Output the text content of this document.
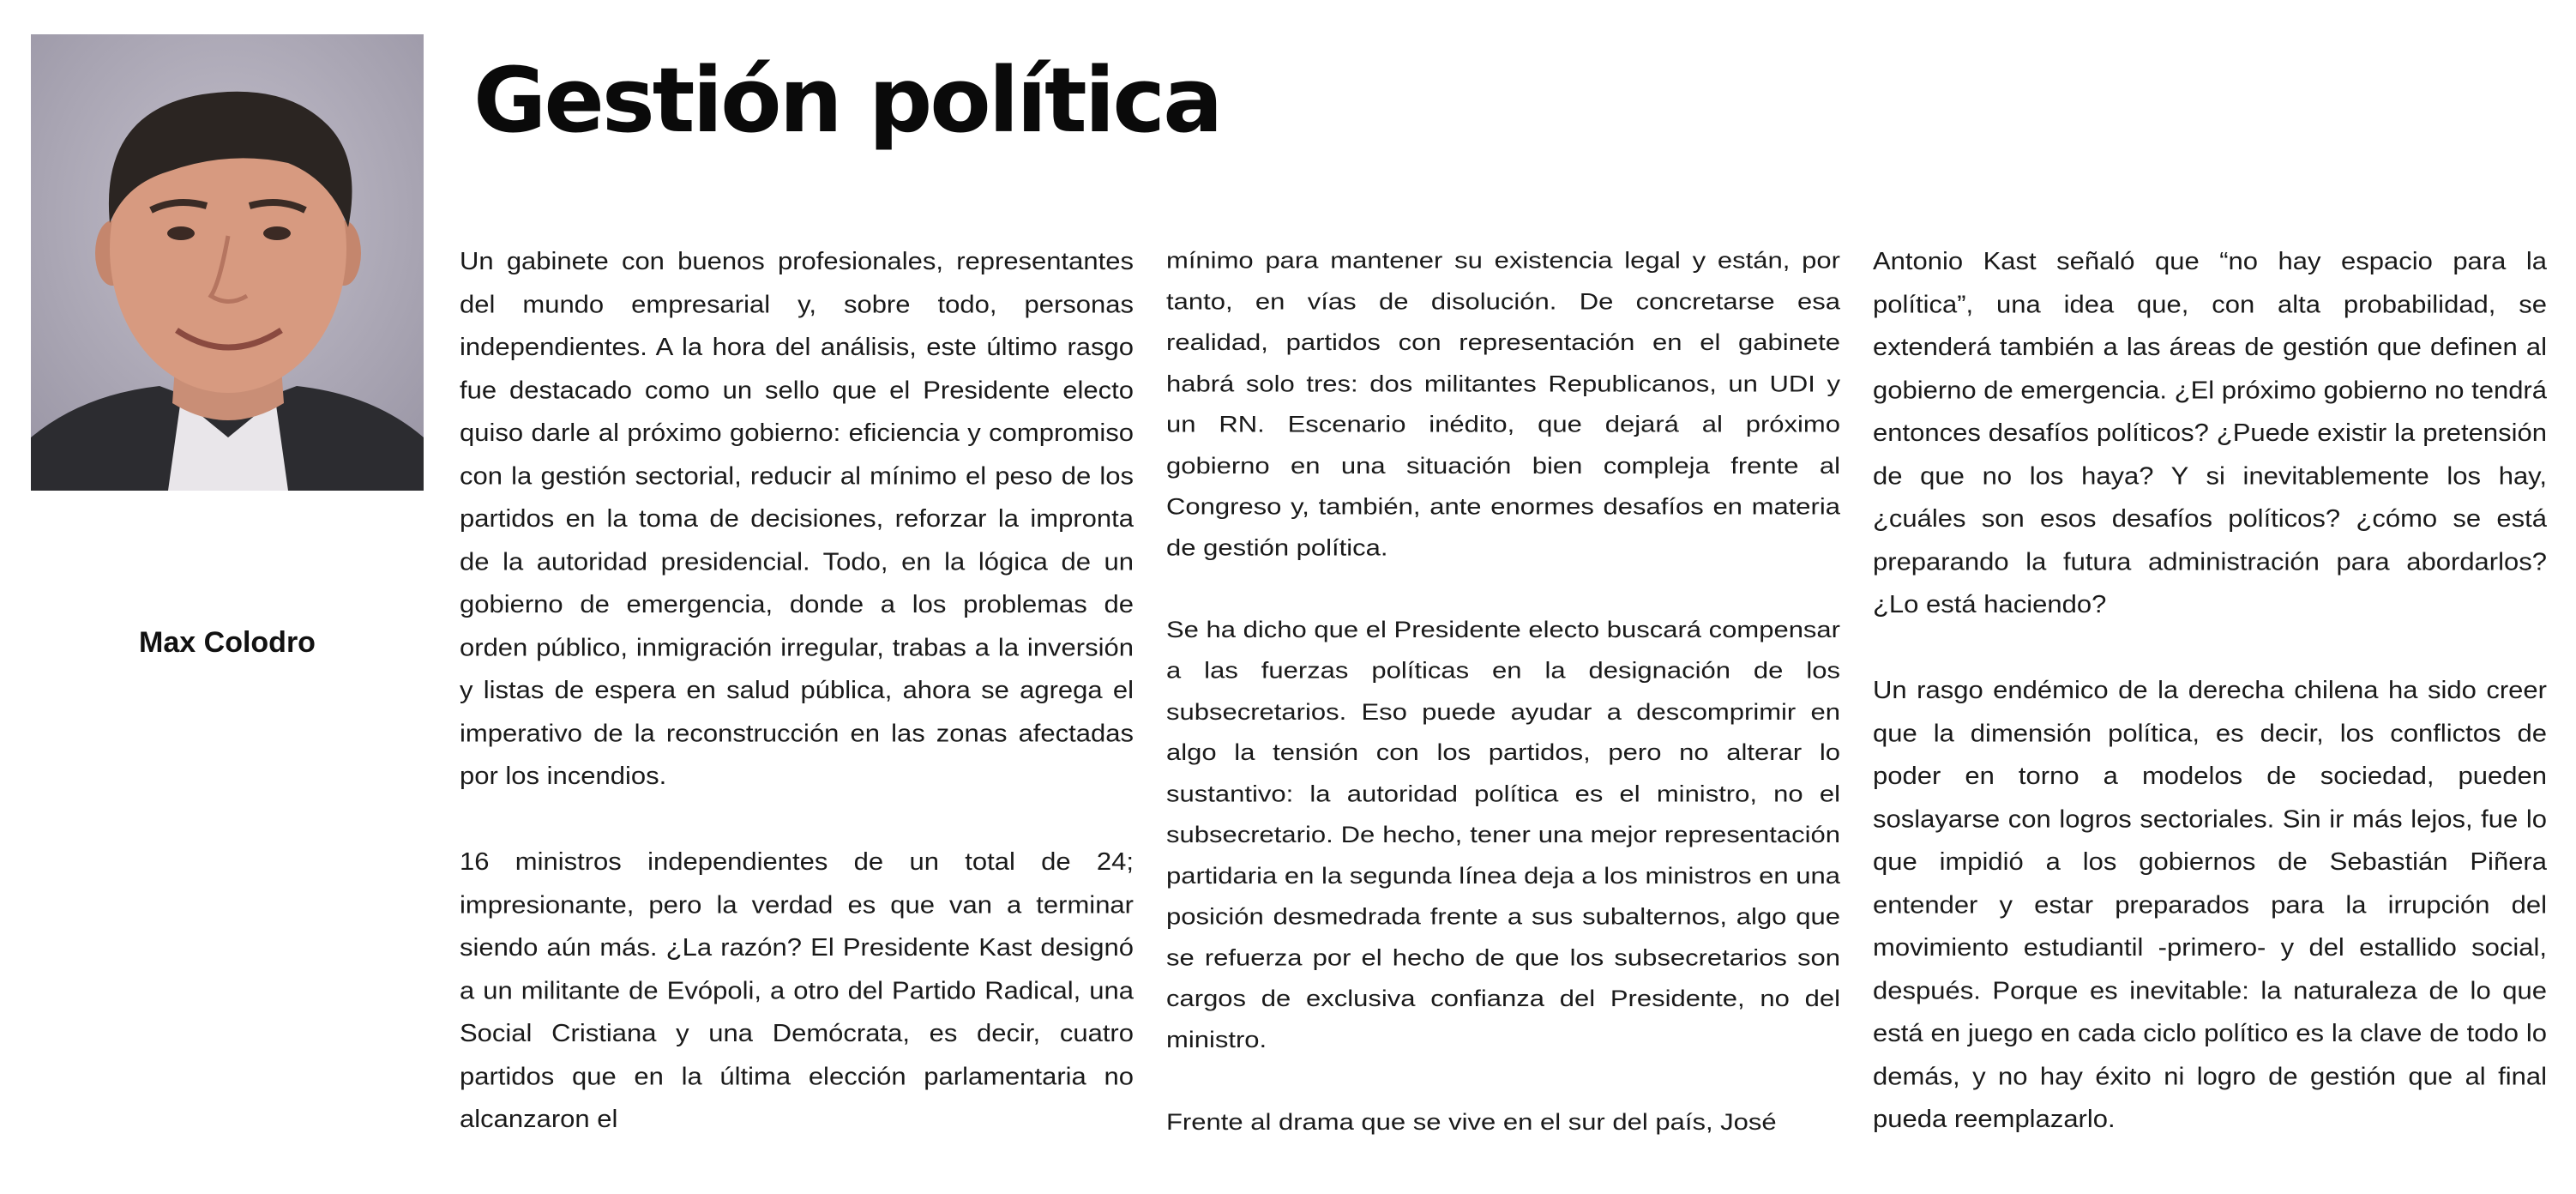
Max Colodro
Gestión política

Un gabinete con buenos profesionales, representantes del mundo empresarial y, sobre todo, personas independientes. A la hora del análisis, este último rasgo fue destacado como un sello que el Presidente electo quiso darle al próximo gobierno: eficiencia y compromiso con la gestión sectorial, reducir al mínimo el peso de los partidos en la toma de decisiones, reforzar la impronta de la autoridad presidencial. Todo, en la lógica de un gobierno de emergencia, donde a los problemas de orden público, inmigración irregular, trabas a la inversión y listas de espera en salud pública, ahora se agrega el imperativo de la reconstrucción en las zonas afectadas por los incendios.

16 ministros independientes de un total de 24; impresionante, pero la verdad es que van a terminar siendo aún más. ¿La razón? El Presidente Kast designó a un militante de Evópoli, a otro del Partido Radical, una Social Cristiana y una Demócrata, es decir, cuatro partidos que en la última elección parlamentaria no alcanzaron el

mínimo para mantener su existencia legal y están, por tanto, en vías de disolución. De concretarse esa realidad, partidos con representación en el gabinete habrá solo tres: dos militantes Republicanos, un UDI y un RN. Escenario inédito, que dejará al próximo gobierno en una situación bien compleja frente al Congreso y, también, ante enormes desafíos en materia de gestión política.

Se ha dicho que el Presidente electo buscará compensar a las fuerzas políticas en la designación de los subsecretarios. Eso puede ayudar a descomprimir en algo la tensión con los partidos, pero no alterar lo sustantivo: la autoridad política es el ministro, no el subsecretario. De hecho, tener una mejor representación partidaria en la segunda línea deja a los ministros en una posición desmedrada frente a sus subalternos, algo que se refuerza por el hecho de que los subsecretarios son cargos de exclusiva confianza del Presidente, no del ministro.

Frente al drama que se vive en el sur del país, José

Antonio Kast señaló que “no hay espacio para la política”, una idea que, con alta probabilidad, se extenderá también a las áreas de gestión que definen al gobierno de emergencia. ¿El próximo gobierno no tendrá entonces desafíos políticos? ¿Puede existir la pretensión de que no los haya? Y si inevitablemente los hay, ¿cuáles son esos desafíos políticos? ¿cómo se está preparando la futura administración para abordarlos? ¿Lo está haciendo?

Un rasgo endémico de la derecha chilena ha sido creer que la dimensión política, es decir, los conflictos de poder en torno a modelos de sociedad, pueden soslayarse con logros sectoriales. Sin ir más lejos, fue lo que impidió a los gobiernos de Sebastián Piñera entender y estar preparados para la irrupción del movimiento estudiantil -primero- y del estallido social, después. Porque es inevitable: la naturaleza de lo que está en juego en cada ciclo político es la clave de todo lo demás, y no hay éxito ni logro de gestión que al final pueda reemplazarlo.
